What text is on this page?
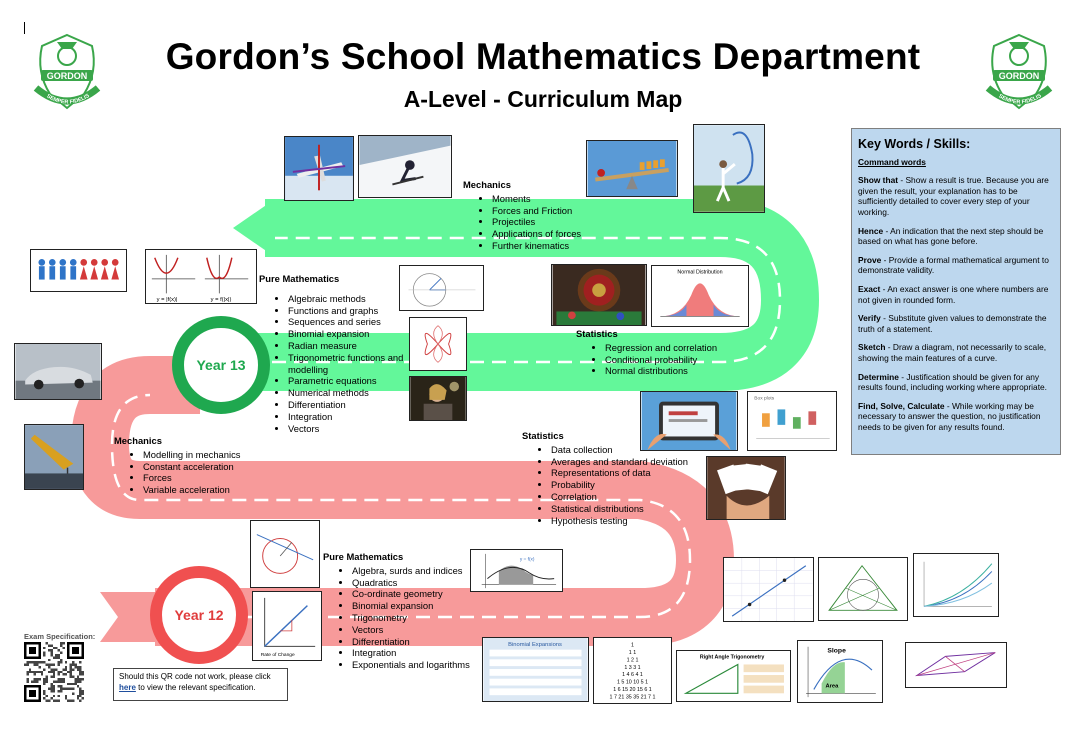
Year 13
Year 12
Gordon’s School Mathematics Department
A-Level - Curriculum Map
GORDON
SEMPER FIDELIS
GORDON
SEMPER FIDELIS
Mechanics
• Moments
• Forces and Friction
• Projectiles
• Applications of forces
• Further kinematics
Pure Mathematics
• Algebraic methods
• Functions and graphs
• Sequences and series
• Binomial expansion
• Radian measure
• Trigonometric functions and modelling
• Parametric equations
• Numerical methods
• Differentiation
• Integration
• Vectors
Statistics
• Regression and correlation
• Conditional probability
• Normal distributions
Mechanics
• Modelling in mechanics
• Constant acceleration
• Forces
• Variable acceleration
Statistics
• Data collection
• Averages and standard deviation
• Representations of data
• Probability
• Correlation
• Statistical distributions
• Hypothesis testing
Pure Mathematics
• Algebra, surds and indices
• Quadratics
• Co-ordinate geometry
• Binomial expansion
• Trigonometry
• Vectors
• Differentiation
• Integration
• Exponentials and logarithms
Key Words / Skills:
Command words

Show that - Show a result is true. Because you are given the result, your explanation has to be sufficiently detailed to cover every step of your working.

Hence - An indication that the next step should be based on what has gone before.

Prove - Provide a formal mathematical argument to demonstrate validity.

Exact - An exact answer is one where numbers are not given in rounded form.

Verify - Substitute given values to demonstrate the truth of a statement.

Sketch - Draw a diagram, not necessarily to scale, showing the main features of a curve.

Determine - Justification should be given for any results found, including working where appropriate.

Find, Solve, Calculate - While working may be necessary to answer the question, no justification needs to be given for any results found.

y = |f(x)|	y = f(|x|)
Normal Distribution
Box plots
Rate of Change
y = f(x)
Binomial Expansions	1
1 1
1 2 1
1 3 3 1
1 4 6 4 1
1 5 10 10 5 1
1 6 15 20 15 6 1
1 7 21 35 35 21 7 1
Right Angle Trigonometry
Slope
Area
Exam Specification:
Should this QR code not work, please click here to view the relevant specification.
